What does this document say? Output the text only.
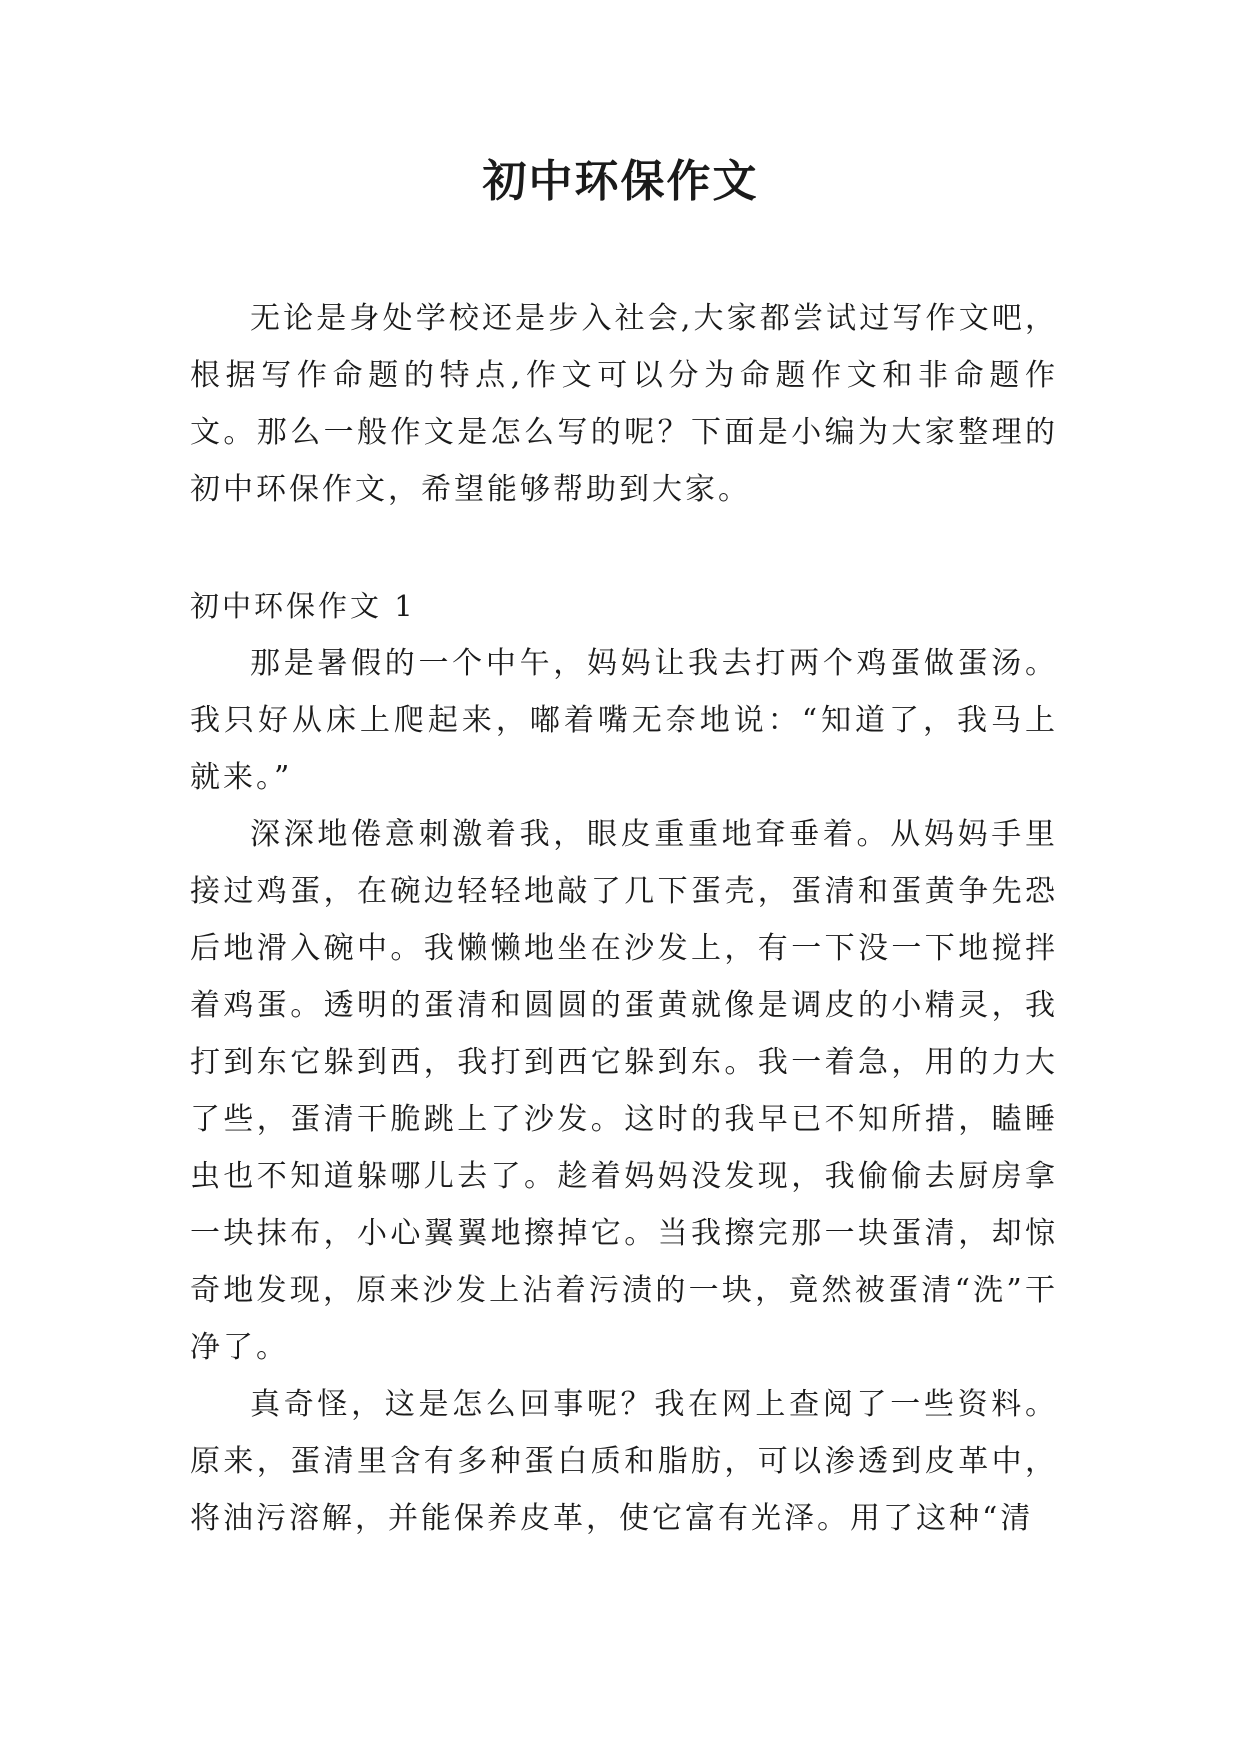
初中环保作文

无论是身处学校还是步入社会,大家都尝试过写作文吧，根据写作命题的特点,作文可以分为命题作文和非命题作文。那么一般作文是怎么写的呢？下面是小编为大家整理的初中环保作文，希望能够帮助到大家。

初中环保作文 1

那是暑假的一个中午，妈妈让我去打两个鸡蛋做蛋汤。我只好从床上爬起来，嘟着嘴无奈地说：“知道了，我马上就来。”

深深地倦意刺激着我，眼皮重重地耷垂着。从妈妈手里接过鸡蛋，在碗边轻轻地敲了几下蛋壳，蛋清和蛋黄争先恐后地滑入碗中。我懒懒地坐在沙发上，有一下没一下地搅拌着鸡蛋。透明的蛋清和圆圆的蛋黄就像是调皮的小精灵，我打到东它躲到西，我打到西它躲到东。我一着急，用的力大了些，蛋清干脆跳上了沙发。这时的我早已不知所措，瞌睡虫也不知道躲哪儿去了。趁着妈妈没发现，我偷偷去厨房拿一块抹布，小心翼翼地擦掉它。当我擦完那一块蛋清，却惊奇地发现，原来沙发上沾着污渍的一块，竟然被蛋清“洗”干净了。

真奇怪，这是怎么回事呢？我在网上查阅了一些资料。原来，蛋清里含有多种蛋白质和脂肪，可以渗透到皮革中，将油污溶解，并能保养皮革，使它富有光泽。用了这种“清
